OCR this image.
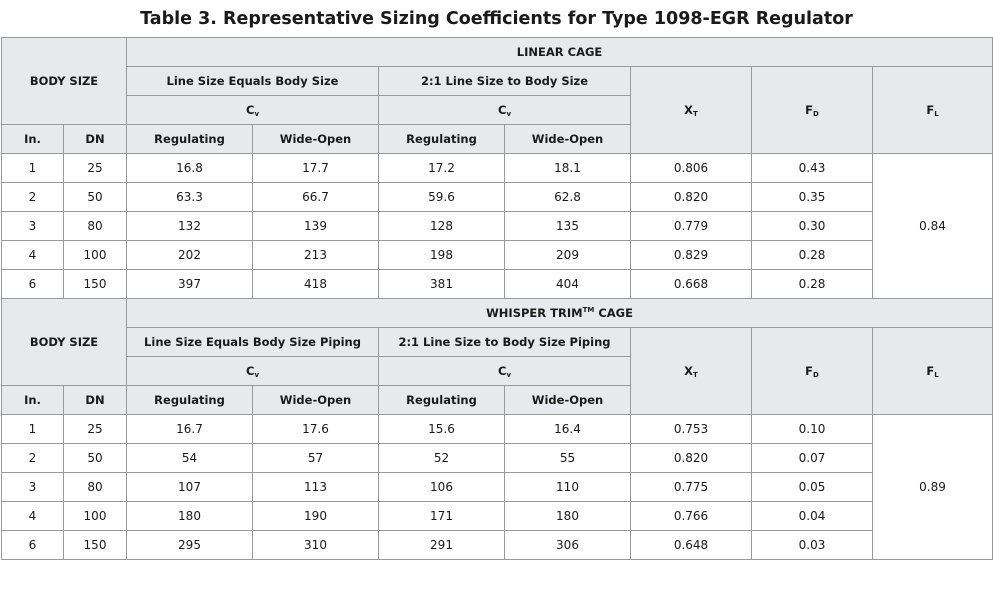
Table 3. Representative Sizing Coefficients for Type 1098-EGR Regulator
BODY SIZE		LINEAR CAGE						
		Line Size Equals Body Size		2:1 Line Size to Body Size		$X_T$	$F_D$	$F_L$
		$C_v$		$C_v$
In.	DN	Regulating	Wide-Open	Regulating	Wide-Open			
1	25	16.8	17.7	17.2	18.1	0.806	0.43	0.84
2	50	63.3	66.7	59.6	62.8	0.820	0.35	
3	80	132	139	128	135	0.779	0.30	
4	100	202	213	198	209	0.829	0.28	
6	150	397	418	381	404	0.668	0.28	
BODY SIZE		WHISPER TRIM™ CAGE						
		Line Size Equals Body Size Piping		2:1 Line Size to Body Size Piping		$X_T$	$F_D$	$F_L$
		$C_v$		$C_v$
In.	DN	Regulating	Wide-Open	Regulating	Wide-Open			
1	25	16.7	17.6	15.6	16.4	0.753	0.10	0.89
2	50	54	57	52	55	0.820	0.07	
3	80	107	113	106	110	0.775	0.05	
4	100	180	190	171	180	0.766	0.04	
6	150	295	310	291	306	0.648	0.03	
